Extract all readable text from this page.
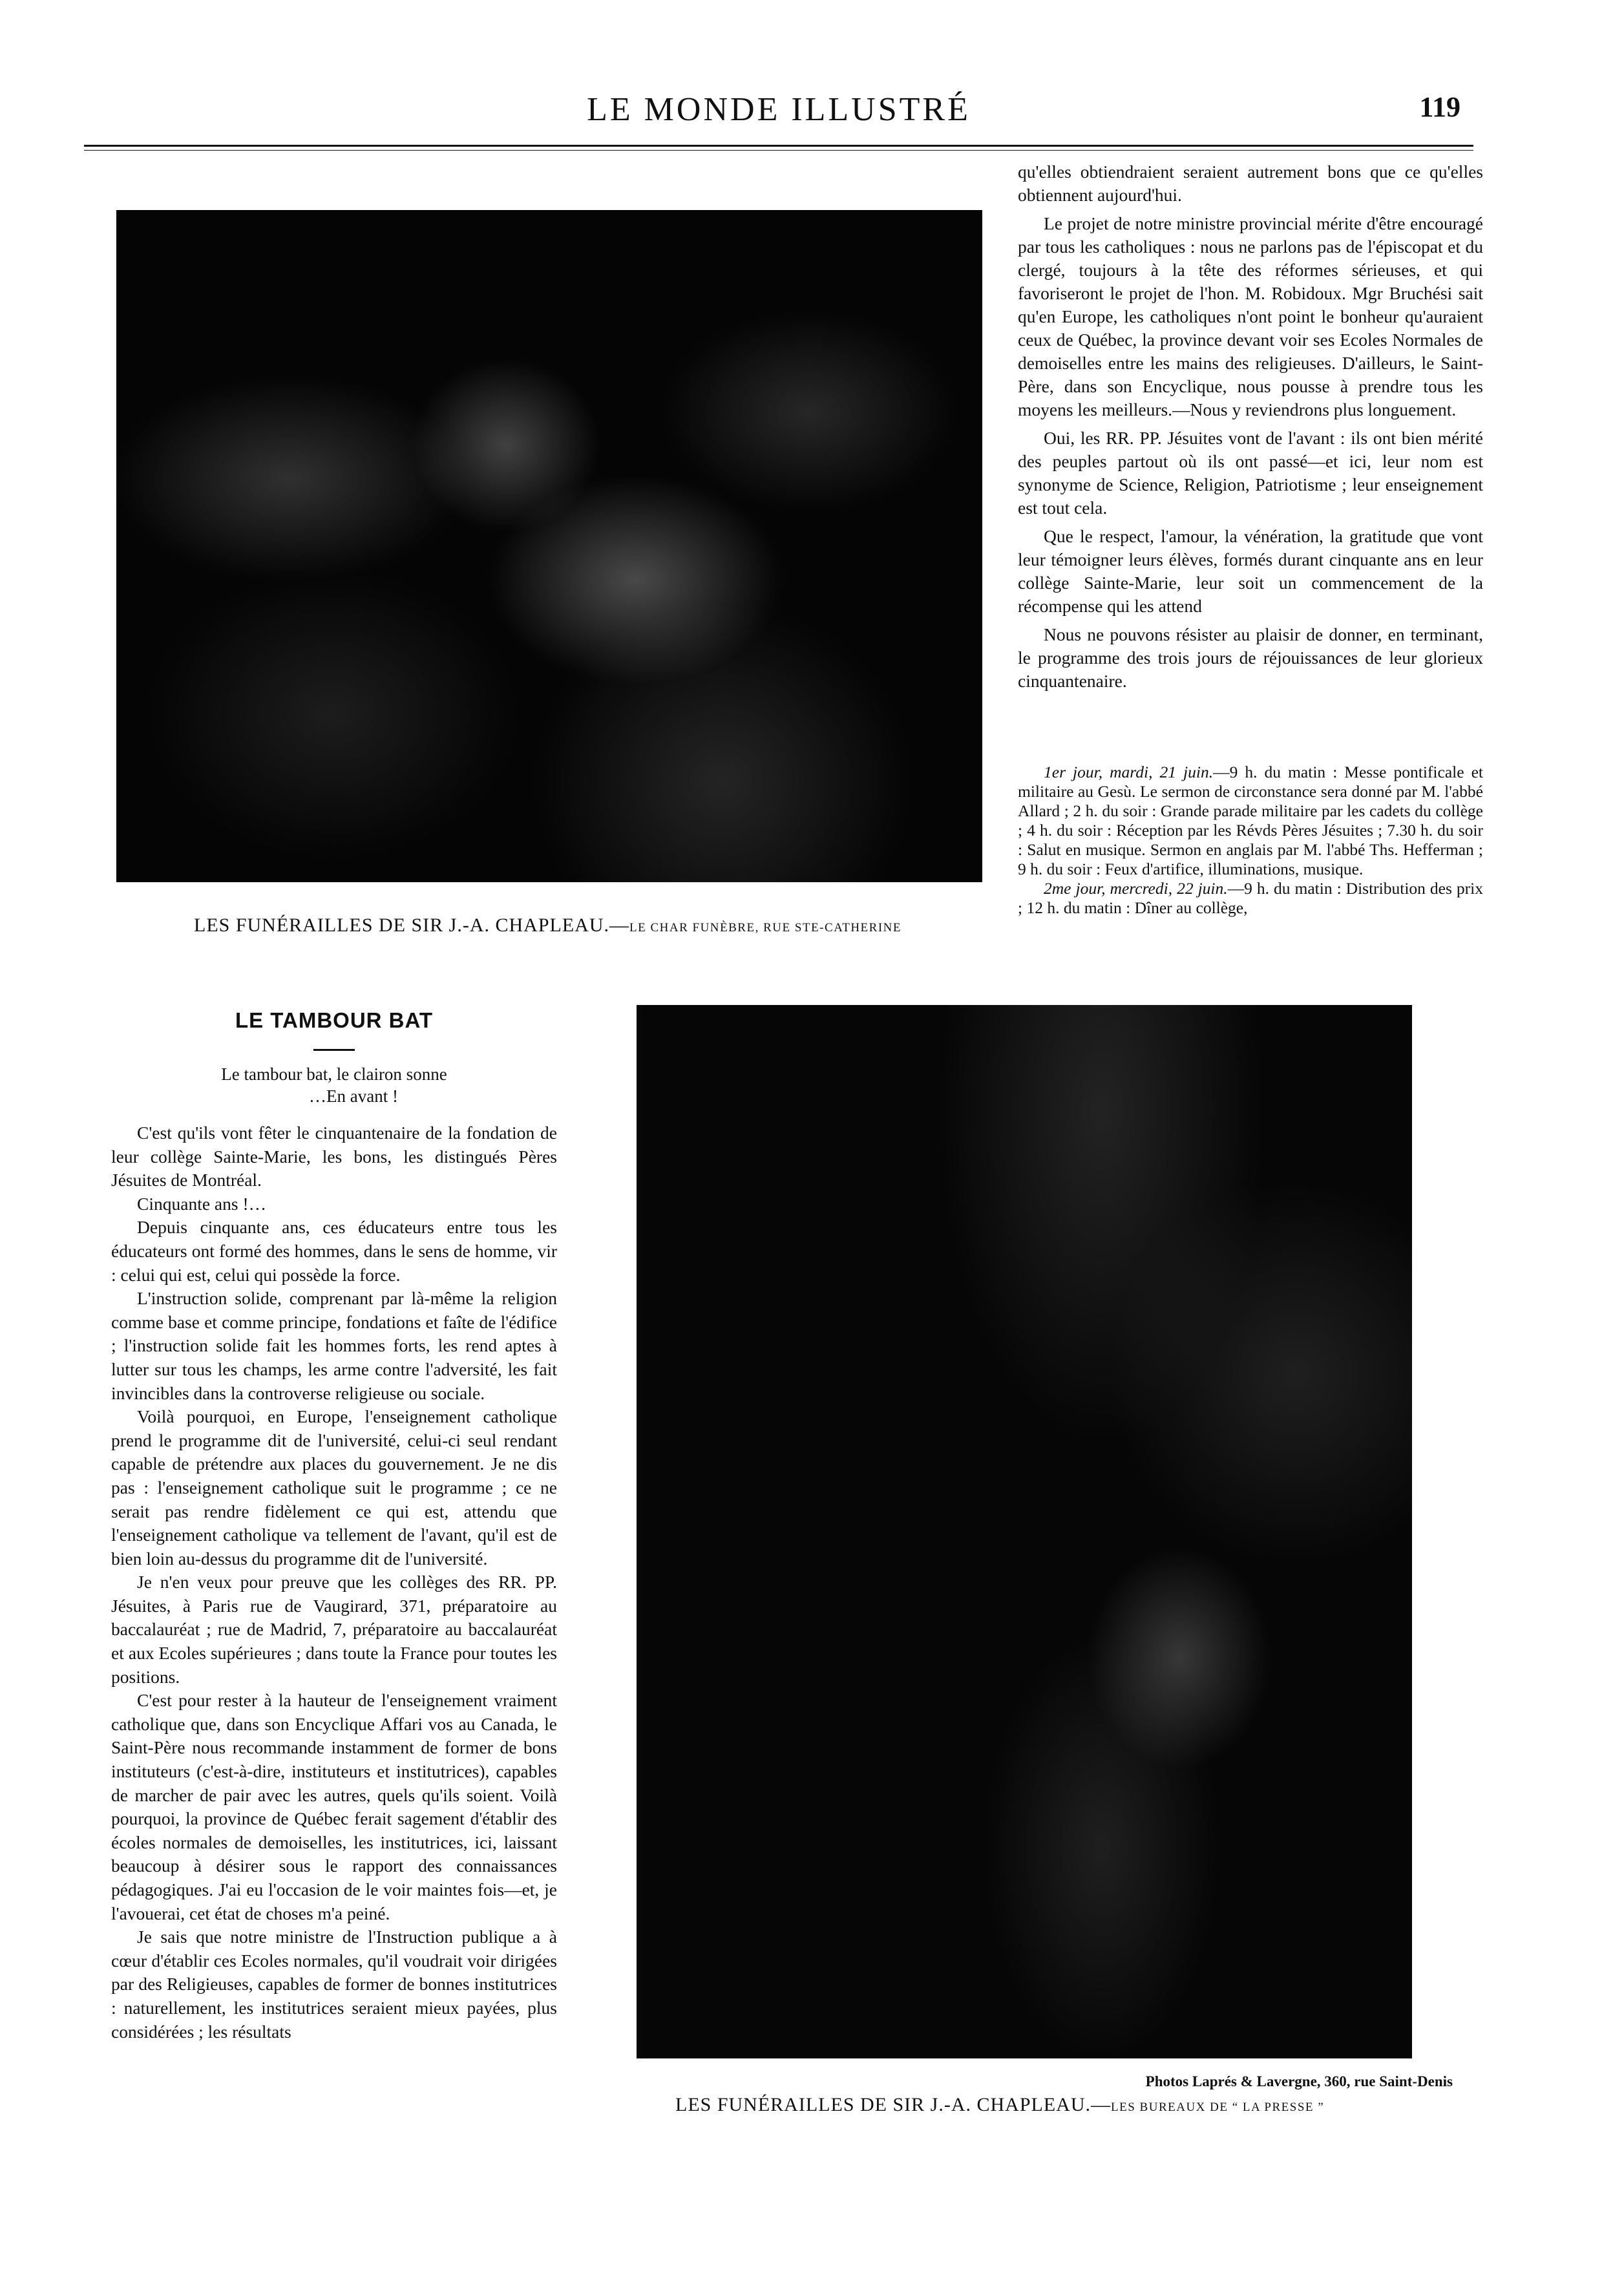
LE MONDE ILLUSTRÉ	119
LES FUNÉRAILLES DE SIR J.-A. CHAPLEAU.—LE CHAR FUNÈBRE, RUE STE-CATHERINE

qu'elles obtiendraient seraient autrement bons que ce qu'elles obtiennent aujourd'hui.

Le projet de notre ministre provincial mérite d'être encouragé par tous les catholiques : nous ne parlons pas de l'épiscopat et du clergé, toujours à la tête des réformes sérieuses, et qui favoriseront le projet de l'hon. M. Robidoux. Mgr Bruchési sait qu'en Europe, les catholiques n'ont point le bonheur qu'auraient ceux de Québec, la province devant voir ses Ecoles Normales de demoiselles entre les mains des religieuses. D'ailleurs, le Saint-Père, dans son Encyclique, nous pousse à prendre tous les moyens les meilleurs.—Nous y reviendrons plus longuement.

Oui, les RR. PP. Jésuites vont de l'avant : ils ont bien mérité des peuples partout où ils ont passé—et ici, leur nom est synonyme de Science, Religion, Patriotisme ; leur enseignement est tout cela.

Que le respect, l'amour, la vénération, la gratitude que vont leur témoigner leurs élèves, formés durant cinquante ans en leur collège Sainte-Marie, leur soit un commencement de la récompense qui les attend

Nous ne pouvons résister au plaisir de donner, en terminant, le programme des trois jours de réjouissances de leur glorieux cinquantenaire.

1er jour, mardi, 21 juin.—9 h. du matin : Messe pontificale et militaire au Gesù. Le sermon de circonstance sera donné par M. l'abbé Allard ; 2 h. du soir : Grande parade militaire par les cadets du collège ; 4 h. du soir : Réception par les Révds Pères Jésuites ; 7.30 h. du soir : Salut en musique. Sermon en anglais par M. l'abbé Ths. Hefferman ; 9 h. du soir : Feux d'artifice, illuminations, musique.

2me jour, mercredi, 22 juin.—9 h. du matin : Distribution des prix ; 12 h. du matin : Dîner au collège,

LE TAMBOUR BAT
Le tambour bat, le clairon sonne
…En avant !

C'est qu'ils vont fêter le cinquantenaire de la fondation de leur collège Sainte-Marie, les bons, les distingués Pères Jésuites de Montréal.

Cinquante ans !…

Depuis cinquante ans, ces éducateurs entre tous les éducateurs ont formé des hommes, dans le sens de homme, vir : celui qui est, celui qui possède la force.

L'instruction solide, comprenant par là-même la religion comme base et comme principe, fondations et faîte de l'édifice ; l'instruction solide fait les hommes forts, les rend aptes à lutter sur tous les champs, les arme contre l'adversité, les fait invincibles dans la controverse religieuse ou sociale.

Voilà pourquoi, en Europe, l'enseignement catholique prend le programme dit de l'université, celui-ci seul rendant capable de prétendre aux places du gouvernement. Je ne dis pas : l'enseignement catholique suit le programme ; ce ne serait pas rendre fidèlement ce qui est, attendu que l'enseignement catholique va tellement de l'avant, qu'il est de bien loin au-dessus du programme dit de l'université.

Je n'en veux pour preuve que les collèges des RR. PP. Jésuites, à Paris rue de Vaugirard, 371, préparatoire au baccalauréat ; rue de Madrid, 7, préparatoire au baccalauréat et aux Ecoles supérieures ; dans toute la France pour toutes les positions.

C'est pour rester à la hauteur de l'enseignement vraiment catholique que, dans son Encyclique Affari vos au Canada, le Saint-Père nous recommande instamment de former de bons instituteurs (c'est-à-dire, instituteurs et institutrices), capables de marcher de pair avec les autres, quels qu'ils soient. Voilà pourquoi, la province de Québec ferait sagement d'établir des écoles normales de demoiselles, les institutrices, ici, laissant beaucoup à désirer sous le rapport des connaissances pédagogiques. J'ai eu l'occasion de le voir maintes fois—et, je l'avouerai, cet état de choses m'a peiné.

Je sais que notre ministre de l'Instruction publique a à cœur d'établir ces Ecoles normales, qu'il voudrait voir dirigées par des Religieuses, capables de former de bonnes institutrices : naturellement, les institutrices seraient mieux payées, plus considérées ; les résultats

Photos Laprés & Lavergne, 360, rue Saint-Denis
LES FUNÉRAILLES DE SIR J.-A. CHAPLEAU.—LES BUREAUX DE “ LA PRESSE ”
